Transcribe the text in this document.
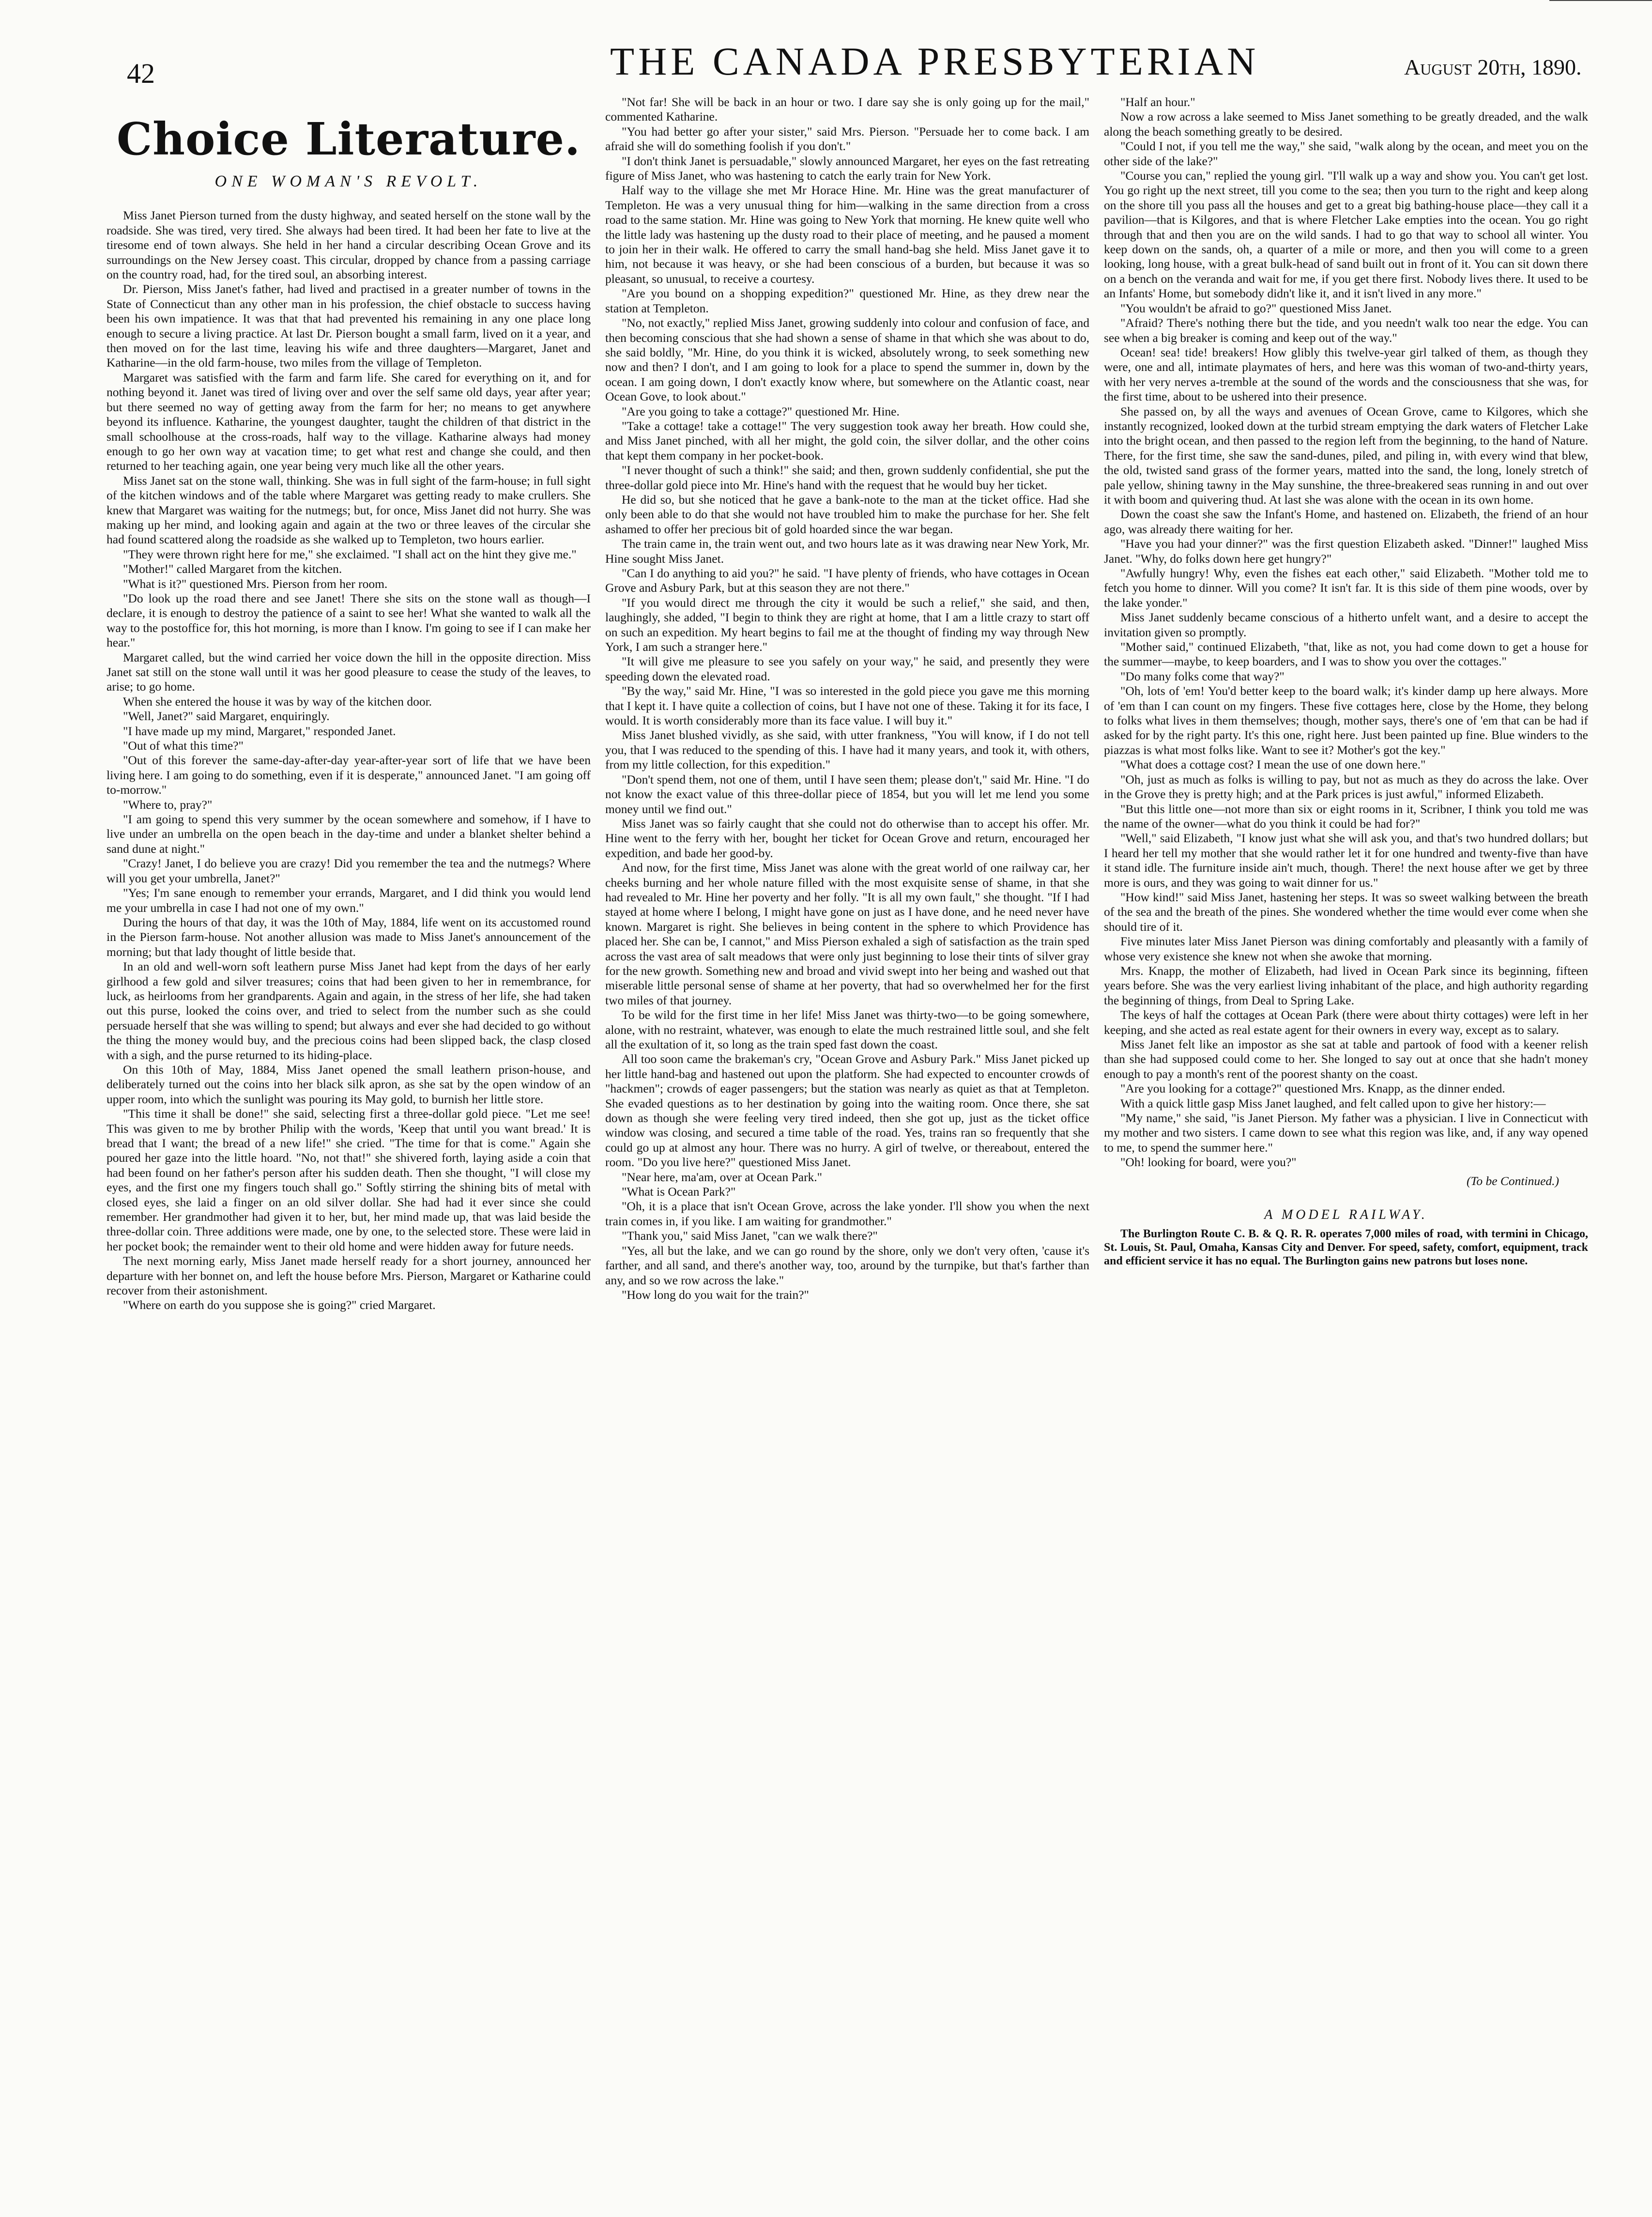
42	THE CANADA PRESBYTERIAN	August 20th, 1890.
Choice Literature.
ONE WOMAN'S REVOLT.

Miss Janet Pierson turned from the dusty highway, and seated herself on the stone wall by the roadside. She was tired, very tired. She always had been tired. It had been her fate to live at the tiresome end of town always. She held in her hand a circular describing Ocean Grove and its surroundings on the New Jersey coast. This circular, dropped by chance from a passing carriage on the country road, had, for the tired soul, an absorbing interest.

Dr. Pierson, Miss Janet's father, had lived and practised in a greater number of towns in the State of Connecticut than any other man in his profession, the chief obstacle to success having been his own impatience. It was that that had prevented his remaining in any one place long enough to secure a living practice. At last Dr. Pierson bought a small farm, lived on it a year, and then moved on for the last time, leaving his wife and three daughters—Margaret, Janet and Katharine—in the old farm-house, two miles from the village of Templeton.

Margaret was satisfied with the farm and farm life. She cared for everything on it, and for nothing beyond it. Janet was tired of living over and over the self same old days, year after year; but there seemed no way of getting away from the farm for her; no means to get anywhere beyond its influence. Katharine, the youngest daughter, taught the children of that district in the small schoolhouse at the cross-roads, half way to the village. Katharine always had money enough to go her own way at vacation time; to get what rest and change she could, and then returned to her teaching again, one year being very much like all the other years.

Miss Janet sat on the stone wall, thinking. She was in full sight of the farm-house; in full sight of the kitchen windows and of the table where Margaret was getting ready to make crullers. She knew that Margaret was waiting for the nutmegs; but, for once, Miss Janet did not hurry. She was making up her mind, and looking again and again at the two or three leaves of the circular she had found scattered along the roadside as she walked up to Templeton, two hours earlier.

"They were thrown right here for me," she exclaimed. "I shall act on the hint they give me."

"Mother!" called Margaret from the kitchen.

"What is it?" questioned Mrs. Pierson from her room.

"Do look up the road there and see Janet! There she sits on the stone wall as though—I declare, it is enough to destroy the patience of a saint to see her! What she wanted to walk all the way to the postoffice for, this hot morning, is more than I know. I'm going to see if I can make her hear."

Margaret called, but the wind carried her voice down the hill in the opposite direction. Miss Janet sat still on the stone wall until it was her good pleasure to cease the study of the leaves, to arise; to go home.

When she entered the house it was by way of the kitchen door.

"Well, Janet?" said Margaret, enquiringly.

"I have made up my mind, Margaret," responded Janet.

"Out of what this time?"

"Out of this forever the same-day-after-day year-after-year sort of life that we have been living here. I am going to do something, even if it is desperate," announced Janet. "I am going off to-morrow."

"Where to, pray?"

"I am going to spend this very summer by the ocean somewhere and somehow, if I have to live under an umbrella on the open beach in the day-time and under a blanket shelter behind a sand dune at night."

"Crazy! Janet, I do believe you are crazy! Did you remember the tea and the nutmegs? Where will you get your umbrella, Janet?"

"Yes; I'm sane enough to remember your errands, Margaret, and I did think you would lend me your umbrella in case I had not one of my own."

During the hours of that day, it was the 10th of May, 1884, life went on its accustomed round in the Pierson farm-house. Not another allusion was made to Miss Janet's announcement of the morning; but that lady thought of little beside that.

In an old and well-worn soft leathern purse Miss Janet had kept from the days of her early girlhood a few gold and silver treasures; coins that had been given to her in remembrance, for luck, as heirlooms from her grandparents. Again and again, in the stress of her life, she had taken out this purse, looked the coins over, and tried to select from the number such as she could persuade herself that she was willing to spend; but always and ever she had decided to go without the thing the money would buy, and the precious coins had been slipped back, the clasp closed with a sigh, and the purse returned to its hiding-place.

On this 10th of May, 1884, Miss Janet opened the small leathern prison-house, and deliberately turned out the coins into her black silk apron, as she sat by the open window of an upper room, into which the sunlight was pouring its May gold, to burnish her little store.

"This time it shall be done!" she said, selecting first a three-dollar gold piece. "Let me see! This was given to me by brother Philip with the words, 'Keep that until you want bread.' It is bread that I want; the bread of a new life!" she cried. "The time for that is come." Again she poured her gaze into the little hoard. "No, not that!" she shivered forth, laying aside a coin that had been found on her father's person after his sudden death. Then she thought, "I will close my eyes, and the first one my fingers touch shall go." Softly stirring the shining bits of metal with closed eyes, she laid a finger on an old silver dollar. She had had it ever since she could remember. Her grandmother had given it to her, but, her mind made up, that was laid beside the three-dollar coin. Three additions were made, one by one, to the selected store. These were laid in her pocket book; the remainder went to their old home and were hidden away for future needs.

The next morning early, Miss Janet made herself ready for a short journey, announced her departure with her bonnet on, and left the house before Mrs. Pierson, Margaret or Katharine could recover from their astonishment.

"Where on earth do you suppose she is going?" cried Margaret.

"Not far! She will be back in an hour or two. I dare say she is only going up for the mail," commented Katharine.

"You had better go after your sister," said Mrs. Pierson. "Persuade her to come back. I am afraid she will do something foolish if you don't."

"I don't think Janet is persuadable," slowly announced Margaret, her eyes on the fast retreating figure of Miss Janet, who was hastening to catch the early train for New York.

Half way to the village she met Mr Horace Hine. Mr. Hine was the great manufacturer of Templeton. He was a very unusual thing for him—walking in the same direction from a cross road to the same station. Mr. Hine was going to New York that morning. He knew quite well who the little lady was hastening up the dusty road to their place of meeting, and he paused a moment to join her in their walk. He offered to carry the small hand-bag she held. Miss Janet gave it to him, not because it was heavy, or she had been conscious of a burden, but because it was so pleasant, so unusual, to receive a courtesy.

"Are you bound on a shopping expedition?" questioned Mr. Hine, as they drew near the station at Templeton.

"No, not exactly," replied Miss Janet, growing suddenly into colour and confusion of face, and then becoming conscious that she had shown a sense of shame in that which she was about to do, she said boldly, "Mr. Hine, do you think it is wicked, absolutely wrong, to seek something new now and then? I don't, and I am going to look for a place to spend the summer in, down by the ocean. I am going down, I don't exactly know where, but somewhere on the Atlantic coast, near Ocean Gove, to look about."

"Are you going to take a cottage?" questioned Mr. Hine.

"Take a cottage! take a cottage!" The very suggestion took away her breath. How could she, and Miss Janet pinched, with all her might, the gold coin, the silver dollar, and the other coins that kept them company in her pocket-book.

"I never thought of such a think!" she said; and then, grown suddenly confidential, she put the three-dollar gold piece into Mr. Hine's hand with the request that he would buy her ticket.

He did so, but she noticed that he gave a bank-note to the man at the ticket office. Had she only been able to do that she would not have troubled him to make the purchase for her. She felt ashamed to offer her precious bit of gold hoarded since the war began.

The train came in, the train went out, and two hours late as it was drawing near New York, Mr. Hine sought Miss Janet.

"Can I do anything to aid you?" he said. "I have plenty of friends, who have cottages in Ocean Grove and Asbury Park, but at this season they are not there."

"If you would direct me through the city it would be such a relief," she said, and then, laughingly, she added, "I begin to think they are right at home, that I am a little crazy to start off on such an expedition. My heart begins to fail me at the thought of finding my way through New York, I am such a stranger here."

"It will give me pleasure to see you safely on your way," he said, and presently they were speeding down the elevated road.

"By the way," said Mr. Hine, "I was so interested in the gold piece you gave me this morning that I kept it. I have quite a collection of coins, but I have not one of these. Taking it for its face, I would. It is worth considerably more than its face value. I will buy it."

Miss Janet blushed vividly, as she said, with utter frankness, "You will know, if I do not tell you, that I was reduced to the spending of this. I have had it many years, and took it, with others, from my little collection, for this expedition."

"Don't spend them, not one of them, until I have seen them; please don't," said Mr. Hine. "I do not know the exact value of this three-dollar piece of 1854, but you will let me lend you some money until we find out."

Miss Janet was so fairly caught that she could not do otherwise than to accept his offer. Mr. Hine went to the ferry with her, bought her ticket for Ocean Grove and return, encouraged her expedition, and bade her good-by.

And now, for the first time, Miss Janet was alone with the great world of one railway car, her cheeks burning and her whole nature filled with the most exquisite sense of shame, in that she had revealed to Mr. Hine her poverty and her folly. "It is all my own fault," she thought. "If I had stayed at home where I belong, I might have gone on just as I have done, and he need never have known. Margaret is right. She believes in being content in the sphere to which Providence has placed her. She can be, I cannot," and Miss Pierson exhaled a sigh of satisfaction as the train sped across the vast area of salt meadows that were only just beginning to lose their tints of silver gray for the new growth. Something new and broad and vivid swept into her being and washed out that miserable little personal sense of shame at her poverty, that had so overwhelmed her for the first two miles of that journey.

To be wild for the first time in her life! Miss Janet was thirty-two—to be going somewhere, alone, with no restraint, whatever, was enough to elate the much restrained little soul, and she felt all the exultation of it, so long as the train sped fast down the coast.

All too soon came the brakeman's cry, "Ocean Grove and Asbury Park." Miss Janet picked up her little hand-bag and hastened out upon the platform. She had expected to encounter crowds of "hackmen"; crowds of eager passengers; but the station was nearly as quiet as that at Templeton. She evaded questions as to her destination by going into the waiting room. Once there, she sat down as though she were feeling very tired indeed, then she got up, just as the ticket office window was closing, and secured a time table of the road. Yes, trains ran so frequently that she could go up at almost any hour. There was no hurry. A girl of twelve, or thereabout, entered the room. "Do you live here?" questioned Miss Janet.

"Near here, ma'am, over at Ocean Park."

"What is Ocean Park?"

"Oh, it is a place that isn't Ocean Grove, across the lake yonder. I'll show you when the next train comes in, if you like. I am waiting for grandmother."

"Thank you," said Miss Janet, "can we walk there?"

"Yes, all but the lake, and we can go round by the shore, only we don't very often, 'cause it's farther, and all sand, and there's another way, too, around by the turnpike, but that's farther than any, and so we row across the lake."

"How long do you wait for the train?"

"Half an hour."

Now a row across a lake seemed to Miss Janet something to be greatly dreaded, and the walk along the beach something greatly to be desired.

"Could I not, if you tell me the way," she said, "walk along by the ocean, and meet you on the other side of the lake?"

"Course you can," replied the young girl. "I'll walk up a way and show you. You can't get lost. You go right up the next street, till you come to the sea; then you turn to the right and keep along on the shore till you pass all the houses and get to a great big bathing-house place—they call it a pavilion—that is Kilgores, and that is where Fletcher Lake empties into the ocean. You go right through that and then you are on the wild sands. I had to go that way to school all winter. You keep down on the sands, oh, a quarter of a mile or more, and then you will come to a green looking, long house, with a great bulk-head of sand built out in front of it. You can sit down there on a bench on the veranda and wait for me, if you get there first. Nobody lives there. It used to be an Infants' Home, but somebody didn't like it, and it isn't lived in any more."

"You wouldn't be afraid to go?" questioned Miss Janet.

"Afraid? There's nothing there but the tide, and you needn't walk too near the edge. You can see when a big breaker is coming and keep out of the way."

Ocean! sea! tide! breakers! How glibly this twelve-year girl talked of them, as though they were, one and all, intimate playmates of hers, and here was this woman of two-and-thirty years, with her very nerves a-tremble at the sound of the words and the consciousness that she was, for the first time, about to be ushered into their presence.

She passed on, by all the ways and avenues of Ocean Grove, came to Kilgores, which she instantly recognized, looked down at the turbid stream emptying the dark waters of Fletcher Lake into the bright ocean, and then passed to the region left from the beginning, to the hand of Nature. There, for the first time, she saw the sand-dunes, piled, and piling in, with every wind that blew, the old, twisted sand grass of the former years, matted into the sand, the long, lonely stretch of pale yellow, shining tawny in the May sunshine, the three-breakered seas running in and out over it with boom and quivering thud. At last she was alone with the ocean in its own home.

Down the coast she saw the Infant's Home, and hastened on. Elizabeth, the friend of an hour ago, was already there waiting for her.

"Have you had your dinner?" was the first question Elizabeth asked. "Dinner!" laughed Miss Janet. "Why, do folks down here get hungry?"

"Awfully hungry! Why, even the fishes eat each other," said Elizabeth. "Mother told me to fetch you home to dinner. Will you come? It isn't far. It is this side of them pine woods, over by the lake yonder."

Miss Janet suddenly became conscious of a hitherto unfelt want, and a desire to accept the invitation given so promptly.

"Mother said," continued Elizabeth, "that, like as not, you had come down to get a house for the summer—maybe, to keep boarders, and I was to show you over the cottages."

"Do many folks come that way?"

"Oh, lots of 'em! You'd better keep to the board walk; it's kinder damp up here always. More of 'em than I can count on my fingers. These five cottages here, close by the Home, they belong to folks what lives in them themselves; though, mother says, there's one of 'em that can be had if asked for by the right party. It's this one, right here. Just been painted up fine. Blue winders to the piazzas is what most folks like. Want to see it? Mother's got the key."

"What does a cottage cost? I mean the use of one down here."

"Oh, just as much as folks is willing to pay, but not as much as they do across the lake. Over in the Grove they is pretty high; and at the Park prices is just awful," informed Elizabeth.

"But this little one—not more than six or eight rooms in it, Scribner, I think you told me was the name of the owner—what do you think it could be had for?"

"Well," said Elizabeth, "I know just what she will ask you, and that's two hundred dollars; but I heard her tell my mother that she would rather let it for one hundred and twenty-five than have it stand idle. The furniture inside ain't much, though. There! the next house after we get by three more is ours, and they was going to wait dinner for us."

"How kind!" said Miss Janet, hastening her steps. It was so sweet walking between the breath of the sea and the breath of the pines. She wondered whether the time would ever come when she should tire of it.

Five minutes later Miss Janet Pierson was dining comfortably and pleasantly with a family of whose very existence she knew not when she awoke that morning.

Mrs. Knapp, the mother of Elizabeth, had lived in Ocean Park since its beginning, fifteen years before. She was the very earliest living inhabitant of the place, and high authority regarding the beginning of things, from Deal to Spring Lake.

The keys of half the cottages at Ocean Park (there were about thirty cottages) were left in her keeping, and she acted as real estate agent for their owners in every way, except as to salary.

Miss Janet felt like an impostor as she sat at table and partook of food with a keener relish than she had supposed could come to her. She longed to say out at once that she hadn't money enough to pay a month's rent of the poorest shanty on the coast.

"Are you looking for a cottage?" questioned Mrs. Knapp, as the dinner ended.

With a quick little gasp Miss Janet laughed, and felt called upon to give her history:—

"My name," she said, "is Janet Pierson. My father was a physician. I live in Connecticut with my mother and two sisters. I came down to see what this region was like, and, if any way opened to me, to spend the summer here."

"Oh! looking for board, were you?"

(To be Continued.)

A MODEL RAILWAY.

The Burlington Route C. B. & Q. R. R. operates 7,000 miles of road, with termini in Chicago, St. Louis, St. Paul, Omaha, Kansas City and Denver. For speed, safety, comfort, equipment, track and efficient service it has no equal. The Burlington gains new patrons but loses none.
